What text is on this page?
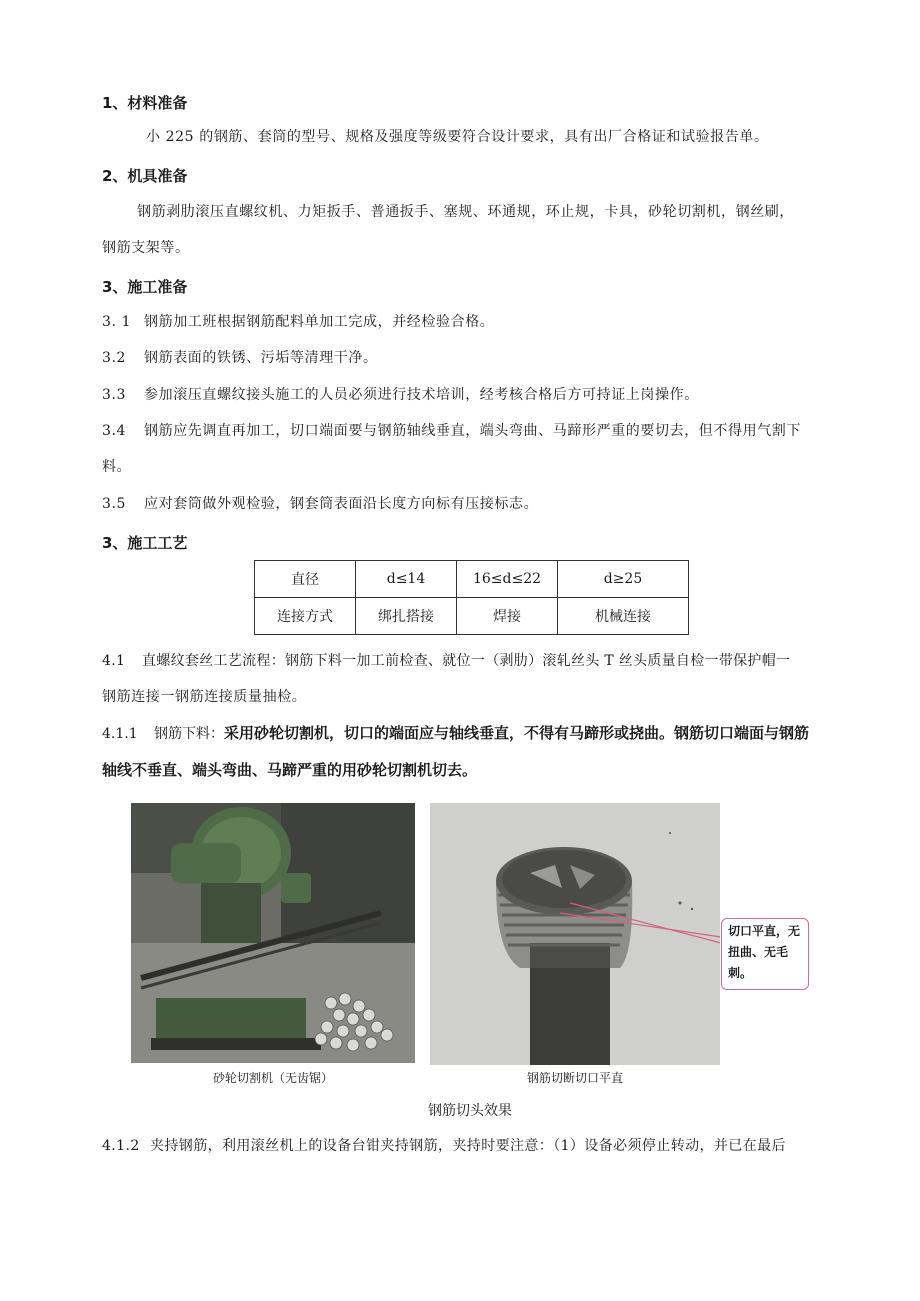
1、材料准备
小 225 的钢筋、套筒的型号、规格及强度等级要符合设计要求，具有出厂合格证和试验报告单。
2、机具准备
钢筋剥肋滚压直螺纹机、力矩扳手、普通扳手、塞规、环通规，环止规，卡具，砂轮切割机，钢丝刷，
钢筋支架等。
3、施工准备
3. 1 钢筋加工班根据钢筋配料单加工完成，并经检验合格。
3.2 钢筋表面的铁锈、污垢等清理干净。
3.3 参加滚压直螺纹接头施工的人员必须进行技术培训，经考核合格后方可持证上岗操作。
3.4 钢筋应先调直再加工，切口端面要与钢筋轴线垂直，端头弯曲、马蹄形严重的要切去，但不得用气割下
料。
3.5 应对套筒做外观检验，钢套筒表面沿长度方向标有压接标志。
3、施工工艺
直径	d≤14	16≤d≤22	d≥25
连接方式	绑扎搭接	焊接	机械连接
4.1 直螺纹套丝工艺流程：钢筋下料一加工前检查、就位一（剥肋）滚轧丝头 T 丝头质量自检一带保护帽一
钢筋连接一钢筋连接质量抽检。
4.1.1 钢筋下料：采用砂轮切割机，切口的端面应与轴线垂直，不得有马蹄形或挠曲。钢筋切口端面与钢筋
轴线不垂直、端头弯曲、马蹄严重的用砂轮切割机切去。
切口平直，无扭曲、无毛刺。
砂轮切割机（无齿锯）	钢筋切断切口平直
钢筋切头效果
4.1.2 夹持钢筋，利用滚丝机上的设备台钳夹持钢筋，夹持时要注意：（1）设备必须停止转动，并已在最后
